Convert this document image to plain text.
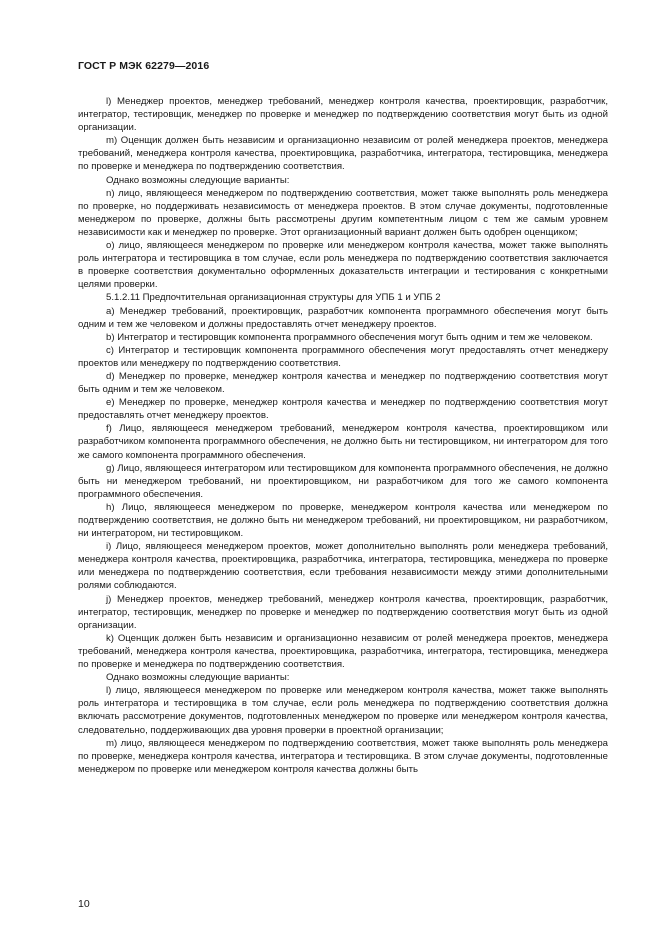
ГОСТ Р МЭК 62279—2016

l) Менеджер проектов, менеджер требований, менеджер контроля качества, проектировщик, разработчик, интегратор, тестировщик, менеджер по проверке и менеджер по подтверждению соответствия могут быть из одной организации.

m) Оценщик должен быть независим и организационно независим от ролей менеджера проектов, менеджера требований, менеджера контроля качества, проектировщика, разработчика, интегратора, тестировщика, менеджера по проверке и менеджера по подтверждению соответствия.

Однако возможны следующие варианты:

n) лицо, являющееся менеджером по подтверждению соответствия, может также выполнять роль менеджера по проверке, но поддерживать независимость от менеджера проектов. В этом случае документы, подготовленные менеджером по проверке, должны быть рассмотрены другим компетентным лицом с тем же самым уровнем независимости как и менеджер по проверке. Этот организационный вариант должен быть одобрен оценщиком;

o) лицо, являющееся менеджером по проверке или менеджером контроля качества, может также выполнять роль интегратора и тестировщика в том случае, если роль менеджера по подтверждению соответствия заключается в проверке соответствия документально оформленных доказательств интеграции и тестирования с конкретными целями проверки.

5.1.2.11 Предпочтительная организационная структуры для УПБ 1 и УПБ 2

а) Менеджер требований, проектировщик, разработчик компонента программного обеспечения могут быть одним и тем же человеком и должны предоставлять отчет менеджеру проектов.

b) Интегратор и тестировщик компонента программного обеспечения могут быть одним и тем же человеком.

c) Интегратор и тестировщик компонента программного обеспечения могут предоставлять отчет менеджеру проектов или менеджеру по подтверждению соответствия.

d) Менеджер по проверке, менеджер контроля качества и менеджер по подтверждению соответствия могут быть одним и тем же человеком.

e) Менеджер по проверке, менеджер контроля качества и менеджер по подтверждению соответствия могут предоставлять отчет менеджеру проектов.

f) Лицо, являющееся менеджером требований, менеджером контроля качества, проектировщиком или разработчиком компонента программного обеспечения, не должно быть ни тестировщиком, ни интегратором для того же самого компонента программного обеспечения.

g) Лицо, являющееся интегратором или тестировщиком для компонента программного обеспечения, не должно быть ни менеджером требований, ни проектировщиком, ни разработчиком для того же самого компонента программного обеспечения.

h) Лицо, являющееся менеджером по проверке, менеджером контроля качества или менеджером по подтверждению соответствия, не должно быть ни менеджером требований, ни проектировщиком, ни разработчиком, ни интегратором, ни тестировщиком.

i) Лицо, являющееся менеджером проектов, может дополнительно выполнять роли менеджера требований, менеджера контроля качества, проектировщика, разработчика, интегратора, тестировщика, менеджера по проверке или менеджера по подтверждению соответствия, если требования независимости между этими дополнительными ролями соблюдаются.

j) Менеджер проектов, менеджер требований, менеджер контроля качества, проектировщик, разработчик, интегратор, тестировщик, менеджер по проверке и менеджер по подтверждению соответствия могут быть из одной организации.

k) Оценщик должен быть независим и организационно независим от ролей менеджера проектов, менеджера требований, менеджера контроля качества, проектировщика, разработчика, интегратора, тестировщика, менеджера по проверке и менеджера по подтверждению соответствия.

Однако возможны следующие варианты:

l) лицо, являющееся менеджером по проверке или менеджером контроля качества, может также выполнять роль интегратора и тестировщика в том случае, если роль менеджера по подтверждению соответствия должна включать рассмотрение документов, подготовленных менеджером по проверке или менеджером контроля качества, следовательно, поддерживающих два уровня проверки в проектной организации;

m) лицо, являющееся менеджером по подтверждению соответствия, может также выполнять роль менеджера по проверке, менеджера контроля качества, интегратора и тестировщика. В этом случае документы, подготовленные менеджером по проверке или менеджером контроля качества должны быть

10
